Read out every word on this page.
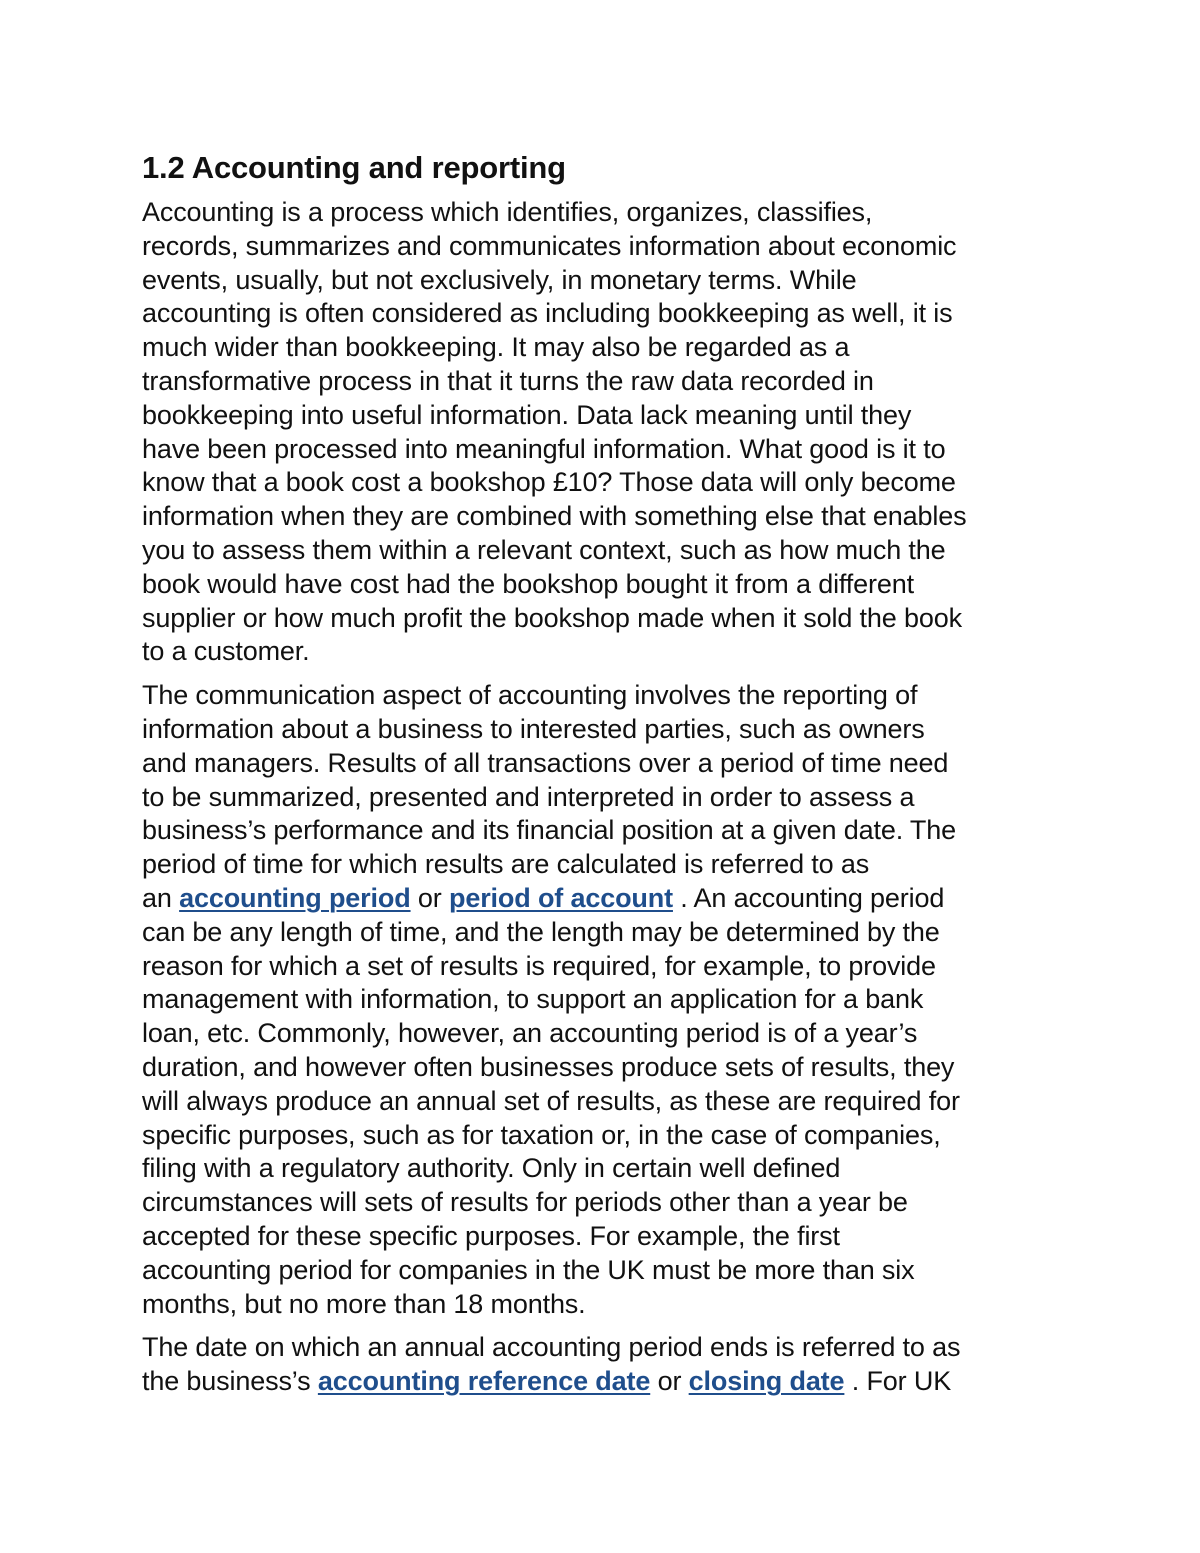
1.2 Accounting and reporting

Accounting is a process which identifies, organizes, classifies,
records, summarizes and communicates information about economic
events, usually, but not exclusively, in monetary terms. While
accounting is often considered as including bookkeeping as well, it is
much wider than bookkeeping. It may also be regarded as a
transformative process in that it turns the raw data recorded in
bookkeeping into useful information. Data lack meaning until they
have been processed into meaningful information. What good is it to
know that a book cost a bookshop £10? Those data will only become
information when they are combined with something else that enables
you to assess them within a relevant context, such as how much the
book would have cost had the bookshop bought it from a different
supplier or how much profit the bookshop made when it sold the book
to a customer.

The communication aspect of accounting involves the reporting of
information about a business to interested parties, such as owners
and managers. Results of all transactions over a period of time need
to be summarized, presented and interpreted in order to assess a
business’s performance and its financial position at a given date. The
period of time for which results are calculated is referred to as
an accounting period or period of account . An accounting period
can be any length of time, and the length may be determined by the
reason for which a set of results is required, for example, to provide
management with information, to support an application for a bank
loan, etc. Commonly, however, an accounting period is of a year’s
duration, and however often businesses produce sets of results, they
will always produce an annual set of results, as these are required for
specific purposes, such as for taxation or, in the case of companies,
filing with a regulatory authority. Only in certain well defined
circumstances will sets of results for periods other than a year be
accepted for these specific purposes. For example, the first
accounting period for companies in the UK must be more than six
months, but no more than 18 months.

The date on which an annual accounting period ends is referred to as
the business’s accounting reference date or closing date . For UK
